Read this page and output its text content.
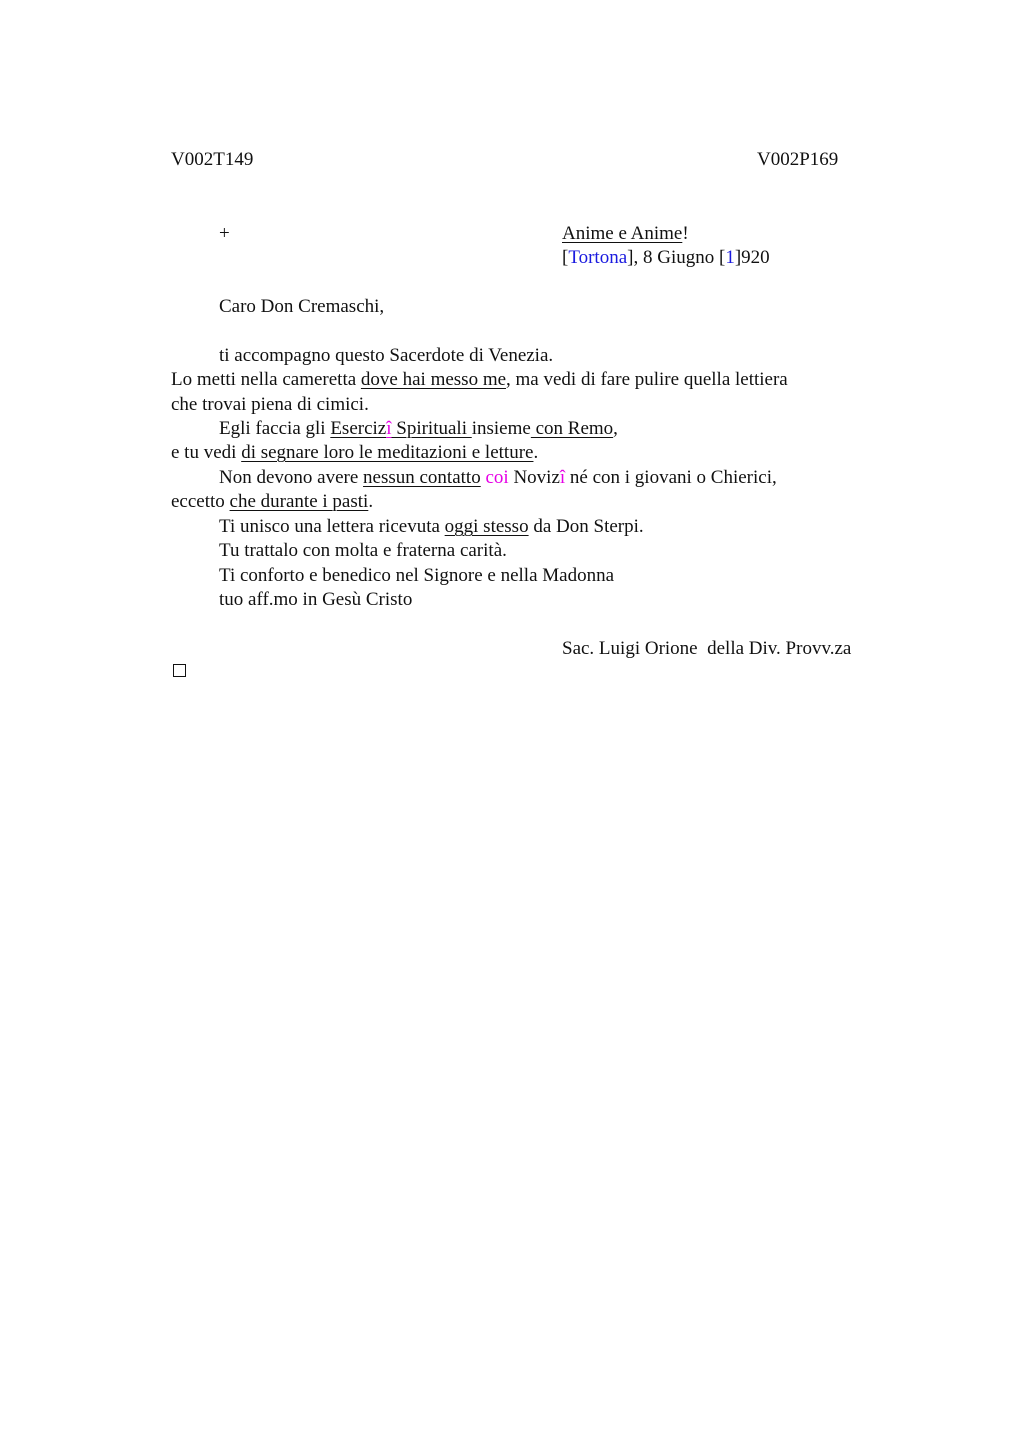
V002T149	V002P169
+	Anime e Anime!
[Tortona], 8 Giugno [1]920
Caro Don Cremaschi,
ti accompagno questo Sacerdote di Venezia.
Lo metti nella cameretta dove hai messo me, ma vedi di fare pulire quella lettiera
che trovai piena di cimici.
Egli faccia gli Esercizî Spirituali insieme con Remo,
e tu vedi di segnare loro le meditazioni e letture.
Non devono avere nessun contatto coi Novizî né con i giovani o Chierici,
eccetto che durante i pasti.
Ti unisco una lettera ricevuta oggi stesso da Don Sterpi.
Tu trattalo con molta e fraterna carità.
Ti conforto e benedico nel Signore e nella Madonna
tuo aff.mo in Gesù Cristo
Sac. Luigi Orione  della Div. Provv.za
